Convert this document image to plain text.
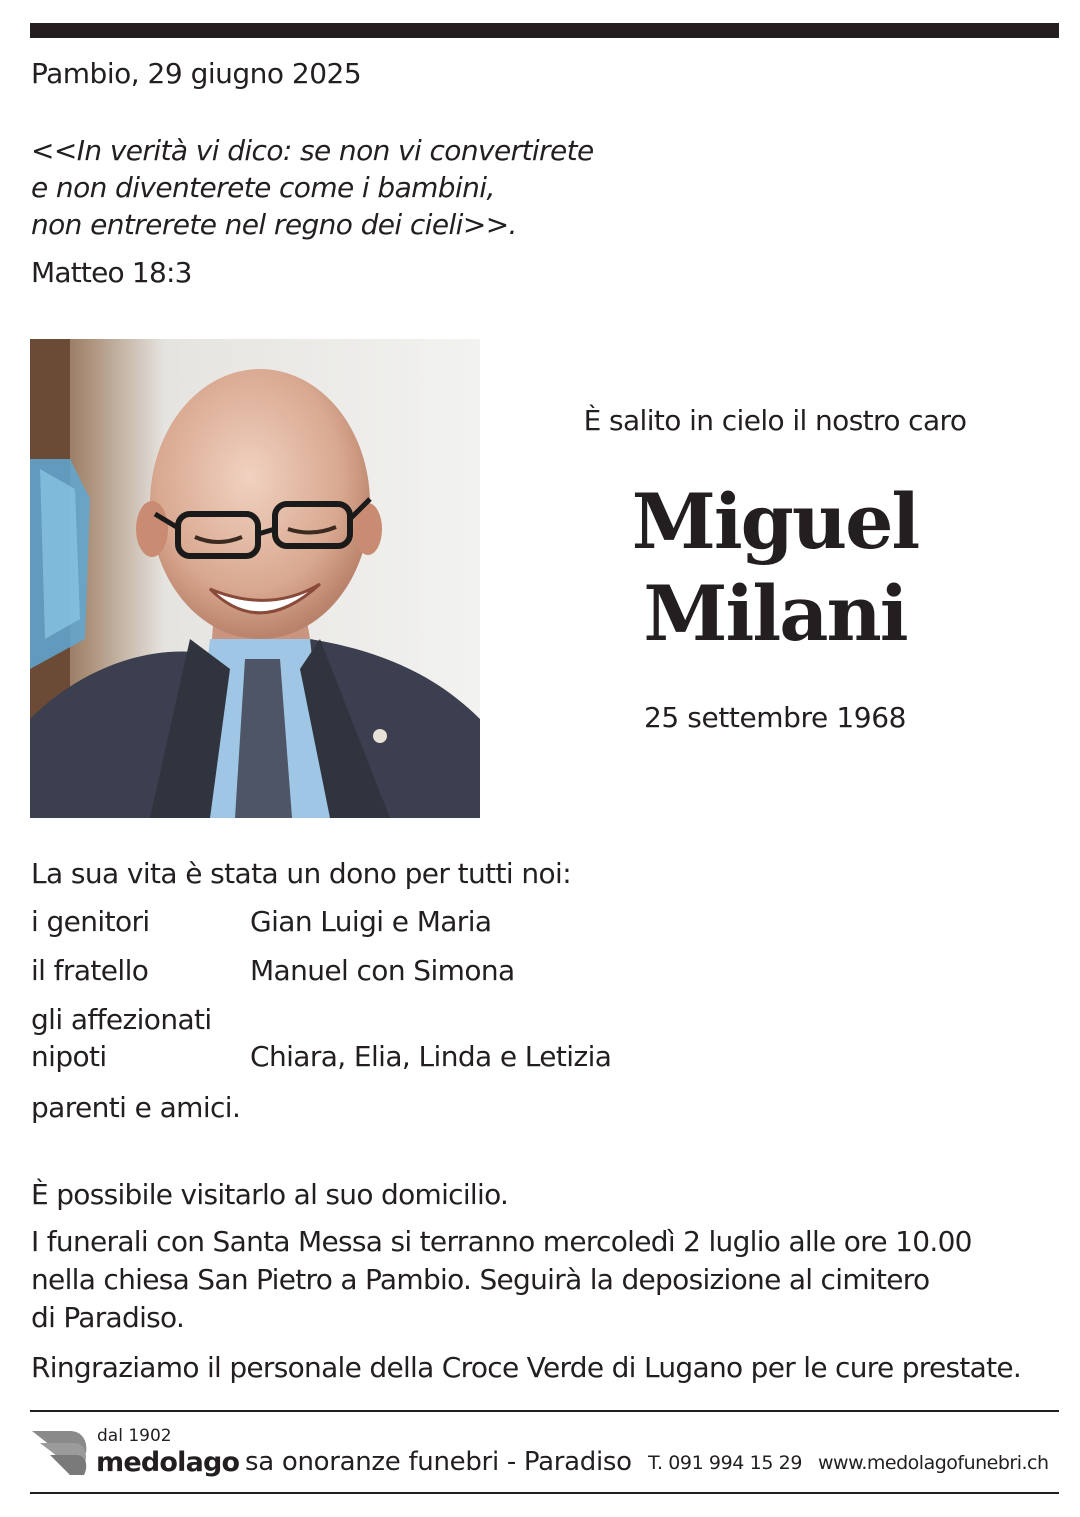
Pambio, 29 giugno 2025
<<In verità vi dico: se non vi convertirete
e non diventerete come i bambini,
non entrerete nel regno dei cieli>>.
Matteo 18:3
È salito in cielo il nostro caro
Miguel
Milani
25 settembre 1968
La sua vita è stata un dono per tutti noi:
i genitori	Gian Luigi e Maria
il fratello	Manuel con Simona
gli affezionati
nipoti	Chiara, Elia, Linda e Letizia
parenti e amici.
È possibile visitarlo al suo domicilio.
I funerali con Santa Messa si terranno mercoledì 2 luglio alle ore 10.00
nella chiesa San Pietro a Pambio. Seguirà la deposizione al cimitero
di Paradiso.
Ringraziamo il personale della Croce Verde di Lugano per le cure prestate.
dal 1902
medolago sa onoranze funebri - Paradiso T. 091 994 15 29 www.medolagofunebri.ch
